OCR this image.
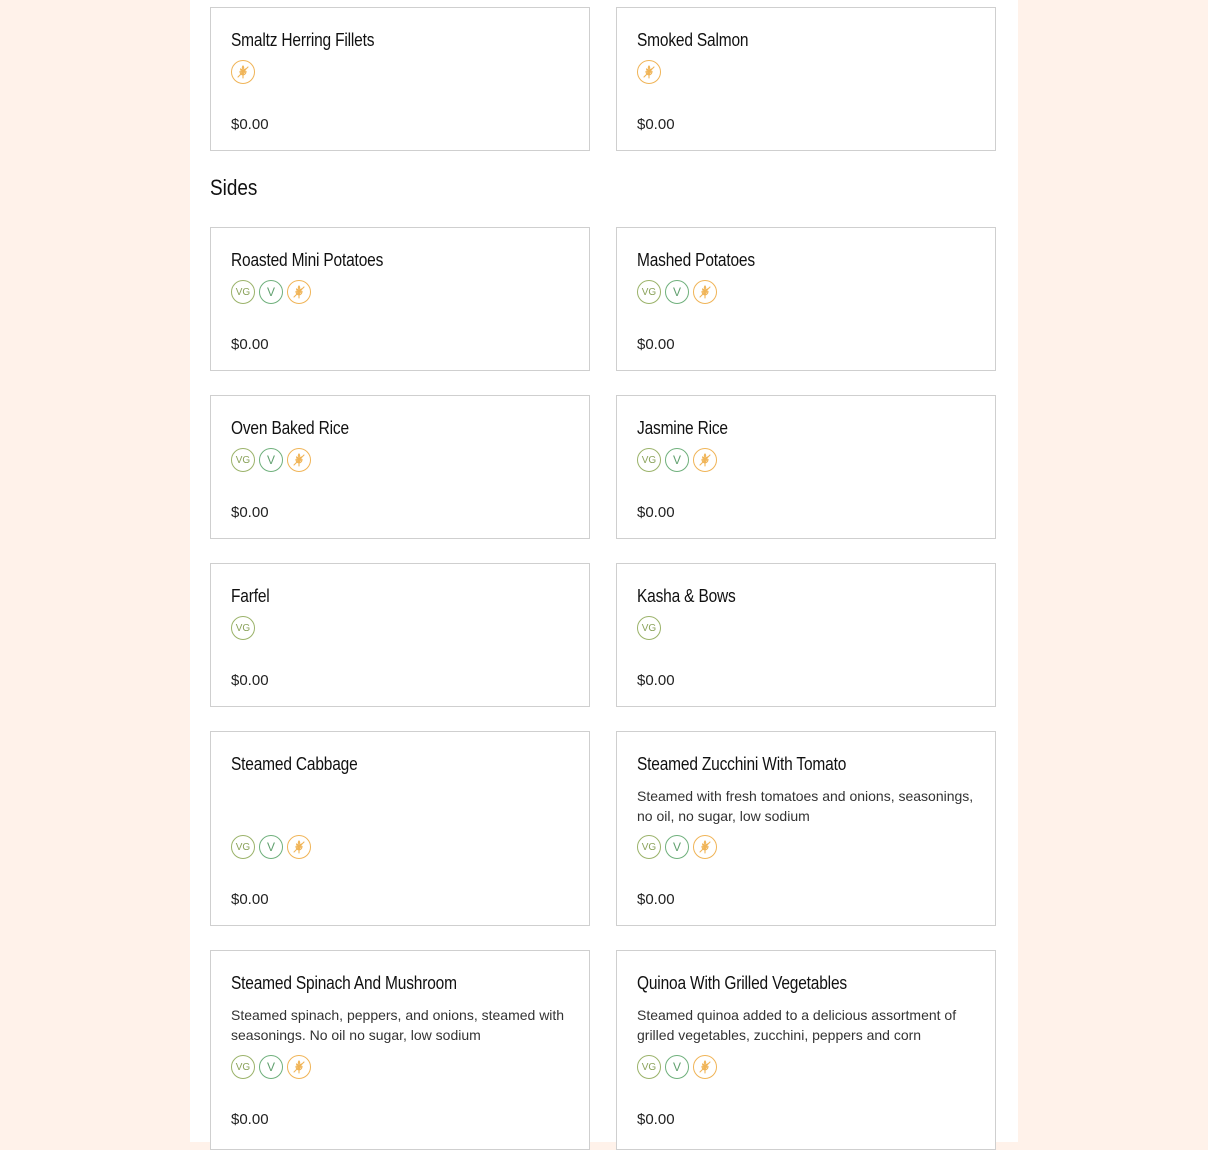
Sides
Smaltz Herring Fillets
$0.00
Smoked Salmon
$0.00
Roasted Mini Potatoes
VG	V
$0.00
Mashed Potatoes
VG	V
$0.00
Oven Baked Rice
VG	V
$0.00
Jasmine Rice
VG	V
$0.00
Farfel
VG
$0.00
Kasha & Bows
VG
$0.00
Steamed Cabbage
VG	V
$0.00
Steamed Zucchini With Tomato
Steamed with fresh tomatoes and onions, seasonings, no oil, no sugar, low sodium
VG	V
$0.00
Steamed Spinach And Mushroom
Steamed spinach, peppers, and onions, steamed with seasonings. No oil no sugar, low sodium
VG	V
$0.00
Quinoa With Grilled Vegetables
Steamed quinoa added to a delicious assortment of grilled vegetables, zucchini, peppers and corn
VG	V
$0.00
